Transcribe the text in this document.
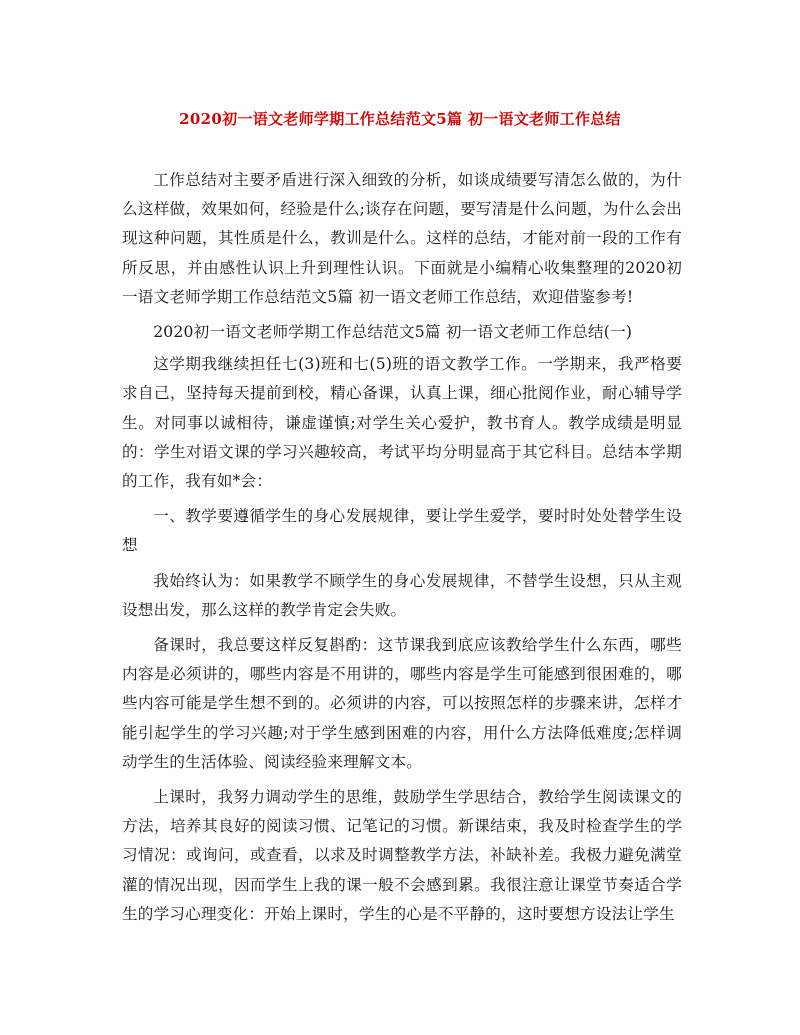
2020初一语文老师学期工作总结范文5篇 初一语文老师工作总结

工作总结对主要矛盾进行深入细致的分析，如谈成绩要写清怎么做的，为什么这样做，效果如何，经验是什么;谈存在问题，要写清是什么问题，为什么会出现这种问题，其性质是什么，教训是什么。这样的总结，才能对前一段的工作有所反思，并由感性认识上升到理性认识。下面就是小编精心收集整理的2020初一语文老师学期工作总结范文5篇 初一语文老师工作总结，欢迎借鉴参考!

2020初一语文老师学期工作总结范文5篇 初一语文老师工作总结(一)

这学期我继续担任七(3)班和七(5)班的语文教学工作。一学期来，我严格要求自己，坚持每天提前到校，精心备课，认真上课，细心批阅作业，耐心辅导学生。对同事以诚相待，谦虚谨慎;对学生关心爱护，教书育人。教学成绩是明显的：学生对语文课的学习兴趣较高，考试平均分明显高于其它科目。总结本学期的工作，我有如*会：

一、教学要遵循学生的身心发展规律，要让学生爱学，要时时处处替学生设想

我始终认为：如果教学不顾学生的身心发展规律，不替学生设想，只从主观设想出发，那么这样的教学肯定会失败。

备课时，我总要这样反复斟酌：这节课我到底应该教给学生什么东西，哪些内容是必须讲的，哪些内容是不用讲的，哪些内容是学生可能感到很困难的，哪些内容可能是学生想不到的。必须讲的内容，可以按照怎样的步骤来讲，怎样才能引起学生的学习兴趣;对于学生感到困难的内容，用什么方法降低难度;怎样调动学生的生活体验、阅读经验来理解文本。

上课时，我努力调动学生的思维，鼓励学生学思结合，教给学生阅读课文的方法，培养其良好的阅读习惯、记笔记的习惯。新课结束，我及时检查学生的学习情况：或询问，或查看，以求及时调整教学方法，补缺补差。我极力避免满堂灌的情况出现，因而学生上我的课一般不会感到累。我很注意让课堂节奏适合学生的学习心理变化：开始上课时，学生的心是不平静的，这时要想方设法让学生
